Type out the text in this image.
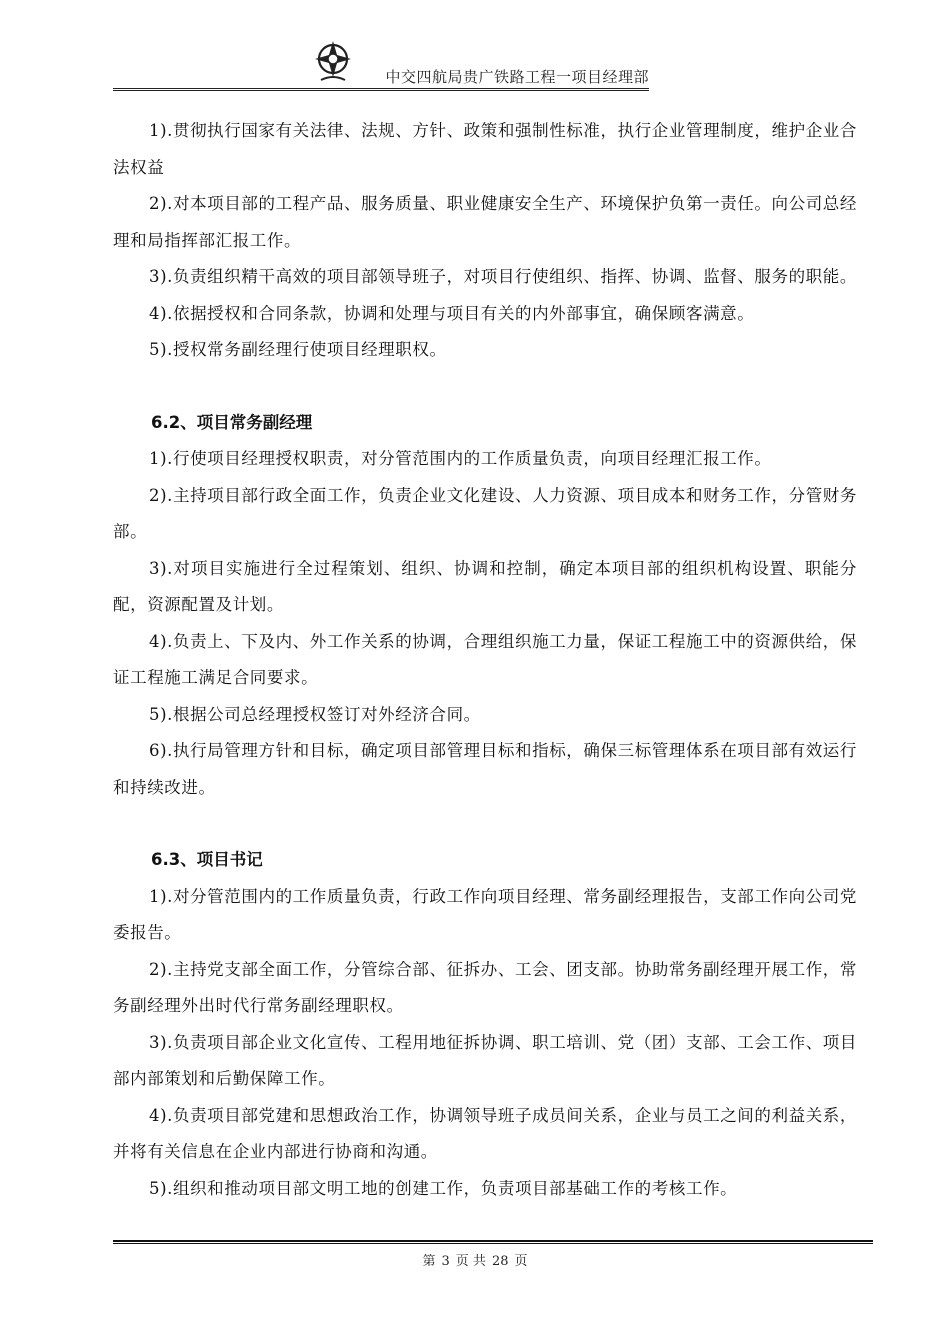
中交四航局贵广铁路工程一项目经理部

1).贯彻执行国家有关法律、法规、方针、政策和强制性标准，执行企业管理制度，维护企业合法权益

2).对本项目部的工程产品、服务质量、职业健康安全生产、环境保护负第一责任。向公司总经理和局指挥部汇报工作。

3).负责组织精干高效的项目部领导班子，对项目行使组织、指挥、协调、监督、服务的职能。

4).依据授权和合同条款，协调和处理与项目有关的内外部事宜，确保顾客满意。

5).授权常务副经理行使项目经理职权。

6.2、项目常务副经理

1).行使项目经理授权职责，对分管范围内的工作质量负责，向项目经理汇报工作。

2).主持项目部行政全面工作，负责企业文化建设、人力资源、项目成本和财务工作，分管财务部。

3).对项目实施进行全过程策划、组织、协调和控制，确定本项目部的组织机构设置、职能分配，资源配置及计划。

4).负责上、下及内、外工作关系的协调，合理组织施工力量，保证工程施工中的资源供给，保证工程施工满足合同要求。

5).根据公司总经理授权签订对外经济合同。

6).执行局管理方针和目标，确定项目部管理目标和指标，确保三标管理体系在项目部有效运行和持续改进。

6.3、项目书记

1).对分管范围内的工作质量负责，行政工作向项目经理、常务副经理报告，支部工作向公司党委报告。

2).主持党支部全面工作，分管综合部、征拆办、工会、团支部。协助常务副经理开展工作，常务副经理外出时代行常务副经理职权。

3).负责项目部企业文化宣传、工程用地征拆协调、职工培训、党（团）支部、工会工作、项目部内部策划和后勤保障工作。

4).负责项目部党建和思想政治工作，协调领导班子成员间关系，企业与员工之间的利益关系，并将有关信息在企业内部进行协商和沟通。

5).组织和推动项目部文明工地的创建工作，负责项目部基础工作的考核工作。

第 3 页 共 28 页
